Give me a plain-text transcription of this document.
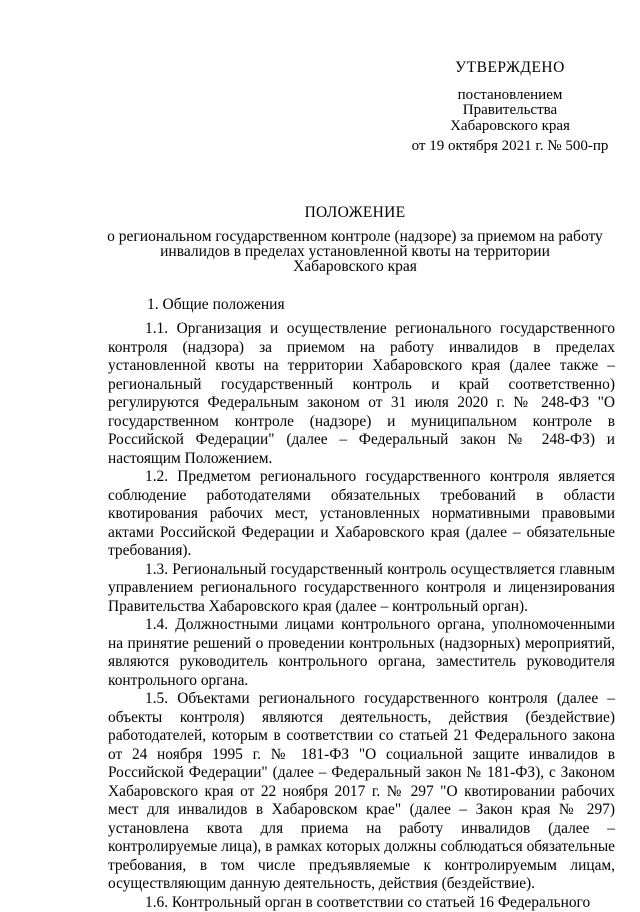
УТВЕРЖДЕНО
постановлением
Правительства
Хабаровского края
от 19 октября 2021 г. № 500-пр
ПОЛОЖЕНИЕ
о региональном государственном контроле (надзоре) за приемом на работу
инвалидов в пределах установленной квоты на территории
Хабаровского края
1. Общие положения

1.1. Организация и осуществление регионального государственного контроля (надзора) за приемом на работу инвалидов в пределах установленной квоты на территории Хабаровского края (далее также – региональный государственный контроль и край соответственно) регулируются Федеральным законом от 31 июля 2020 г. № 248-ФЗ "О государственном контроле (надзоре) и муниципальном контроле в Российской Федерации" (далее – Федеральный закон № 248-ФЗ) и настоящим Положением.

1.2. Предметом регионального государственного контроля является соблюдение работодателями обязательных требований в области квотирования рабочих мест, установленных нормативными правовыми актами Российской Федерации и Хабаровского края (далее – обязательные требования).

1.3. Региональный государственный контроль осуществляется главным управлением регионального государственного контроля и лицензирования Правительства Хабаровского края (далее – контрольный орган).

1.4. Должностными лицами контрольного органа, уполномоченными на принятие решений о проведении контрольных (надзорных) мероприятий, являются руководитель контрольного органа, заместитель руководителя контрольного органа.

1.5. Объектами регионального государственного контроля (далее – объекты контроля) являются деятельность, действия (бездействие) работодателей, которым в соответствии со статьей 21 Федерального закона от 24 ноября 1995 г. № 181-ФЗ "О социальной защите инвалидов в Российской Федерации" (далее – Федеральный закон № 181-ФЗ), с Законом Хабаровского края от 22 ноября 2017 г. № 297 "О квотировании рабочих мест для инвалидов в Хабаровском крае" (далее – Закон края № 297) установлена квота для приема на работу инвалидов (далее – контролируемые лица), в рамках которых должны соблюдаться обязательные требования, в том числе предъявляемые к контролируемым лицам, осуществляющим данную деятельность, действия (бездействие).

1.6. Контрольный орган в соответствии со статьей 16 Федерального
